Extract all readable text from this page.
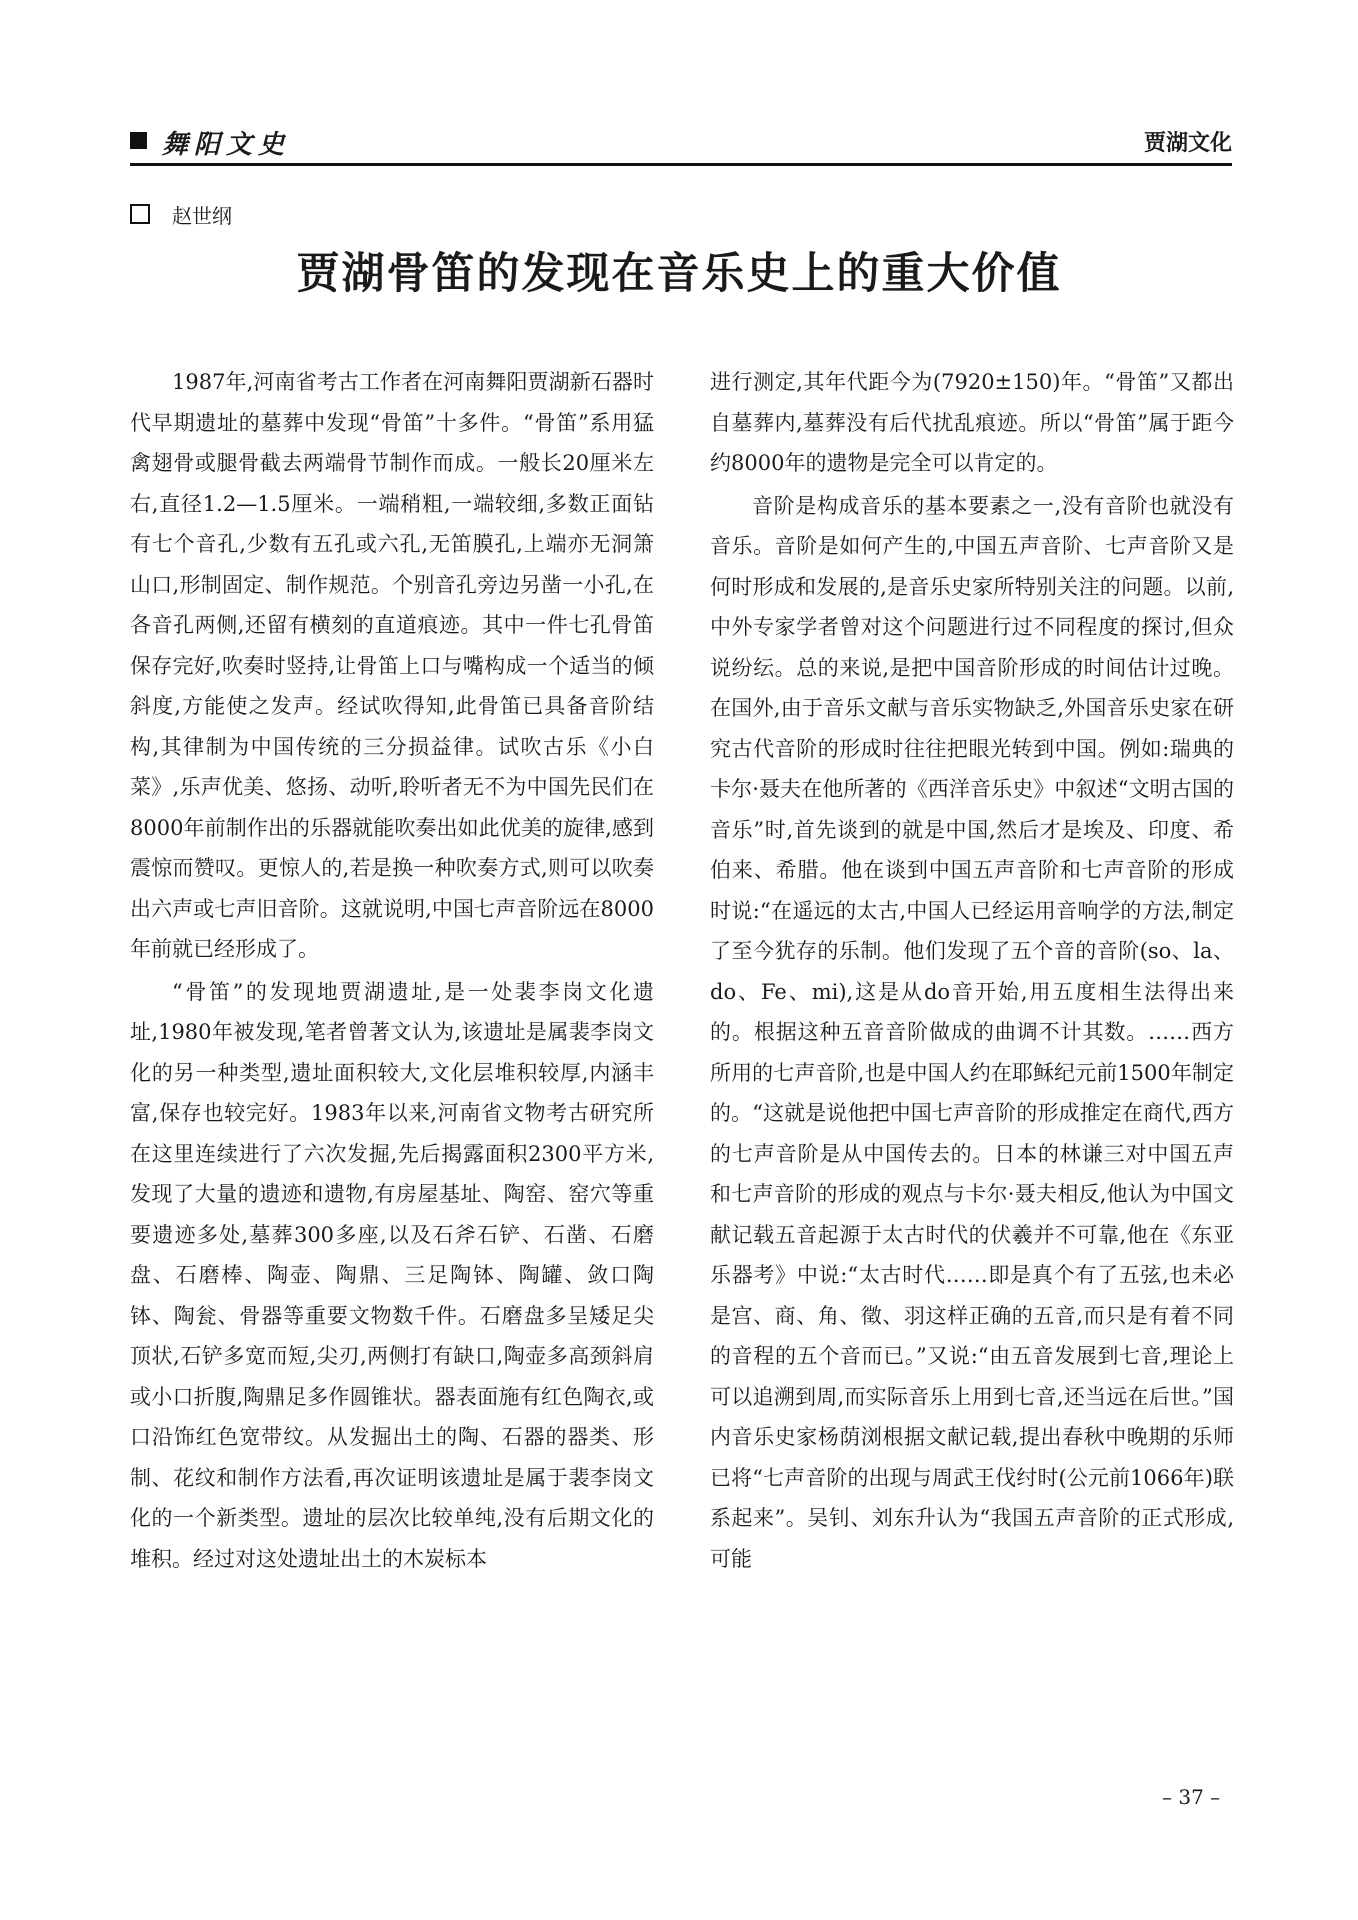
舞阳文史	贾湖文化
赵世纲
贾湖骨笛的发现在音乐史上的重大价值

1987年,河南省考古工作者在河南舞阳贾湖新石器时代早期遗址的墓葬中发现“骨笛”十多件。“骨笛”系用猛禽翅骨或腿骨截去两端骨节制作而成。一般长20厘米左右,直径1.2—1.5厘米。一端稍粗,一端较细,多数正面钻有七个音孔,少数有五孔或六孔,无笛膜孔,上端亦无洞箫山口,形制固定、制作规范。个别音孔旁边另凿一小孔,在各音孔两侧,还留有横刻的直道痕迹。其中一件七孔骨笛保存完好,吹奏时竖持,让骨笛上口与嘴构成一个适当的倾斜度,方能使之发声。经试吹得知,此骨笛已具备音阶结构,其律制为中国传统的三分损益律。试吹古乐《小白菜》,乐声优美、悠扬、动听,聆听者无不为中国先民们在8000年前制作出的乐器就能吹奏出如此优美的旋律,感到震惊而赞叹。更惊人的,若是换一种吹奏方式,则可以吹奏出六声或七声旧音阶。这就说明,中国七声音阶远在8000年前就已经形成了。

“骨笛”的发现地贾湖遗址,是一处裴李岗文化遗址,1980年被发现,笔者曾著文认为,该遗址是属裴李岗文化的另一种类型,遗址面积较大,文化层堆积较厚,内涵丰富,保存也较完好。1983年以来,河南省文物考古研究所在这里连续进行了六次发掘,先后揭露面积2300平方米,发现了大量的遗迹和遗物,有房屋基址、陶窑、窑穴等重要遗迹多处,墓葬300多座,以及石斧石铲、石凿、石磨盘、石磨棒、陶壶、陶鼎、三足陶钵、陶罐、敛口陶钵、陶瓮、骨器等重要文物数千件。石磨盘多呈矮足尖顶状,石铲多宽而短,尖刃,两侧打有缺口,陶壶多高颈斜肩或小口折腹,陶鼎足多作圆锥状。器表面施有红色陶衣,或口沿饰红色宽带纹。从发掘出土的陶、石器的器类、形制、花纹和制作方法看,再次证明该遗址是属于裴李岗文化的一个新类型。遗址的层次比较单纯,没有后期文化的堆积。经过对这处遗址出土的木炭标本

进行测定,其年代距今为(7920±150)年。“骨笛”又都出自墓葬内,墓葬没有后代扰乱痕迹。所以“骨笛”属于距今约8000年的遗物是完全可以肯定的。

音阶是构成音乐的基本要素之一,没有音阶也就没有音乐。音阶是如何产生的,中国五声音阶、七声音阶又是何时形成和发展的,是音乐史家所特别关注的问题。以前,中外专家学者曾对这个问题进行过不同程度的探讨,但众说纷纭。总的来说,是把中国音阶形成的时间估计过晚。在国外,由于音乐文献与音乐实物缺乏,外国音乐史家在研究古代音阶的形成时往往把眼光转到中国。例如:瑞典的卡尔·聂夫在他所著的《西洋音乐史》中叙述“文明古国的音乐”时,首先谈到的就是中国,然后才是埃及、印度、希伯来、希腊。他在谈到中国五声音阶和七声音阶的形成时说:“在遥远的太古,中国人已经运用音响学的方法,制定了至今犹存的乐制。他们发现了五个音的音阶(so、la、do、Fe、mi),这是从do音开始,用五度相生法得出来的。根据这种五音音阶做成的曲调不计其数。……西方所用的七声音阶,也是中国人约在耶稣纪元前1500年制定的。“这就是说他把中国七声音阶的形成推定在商代,西方的七声音阶是从中国传去的。日本的林谦三对中国五声和七声音阶的形成的观点与卡尔·聂夫相反,他认为中国文献记载五音起源于太古时代的伏羲并不可靠,他在《东亚乐器考》中说:“太古时代……即是真个有了五弦,也未必是宫、商、角、徵、羽这样正确的五音,而只是有着不同的音程的五个音而已。”又说:“由五音发展到七音,理论上可以追溯到周,而实际音乐上用到七音,还当远在后世。”国内音乐史家杨荫浏根据文献记载,提出春秋中晚期的乐师已将“七声音阶的出现与周武王伐纣时(公元前1066年)联系起来”。吴钊、刘东升认为“我国五声音阶的正式形成,可能

– 37 –
